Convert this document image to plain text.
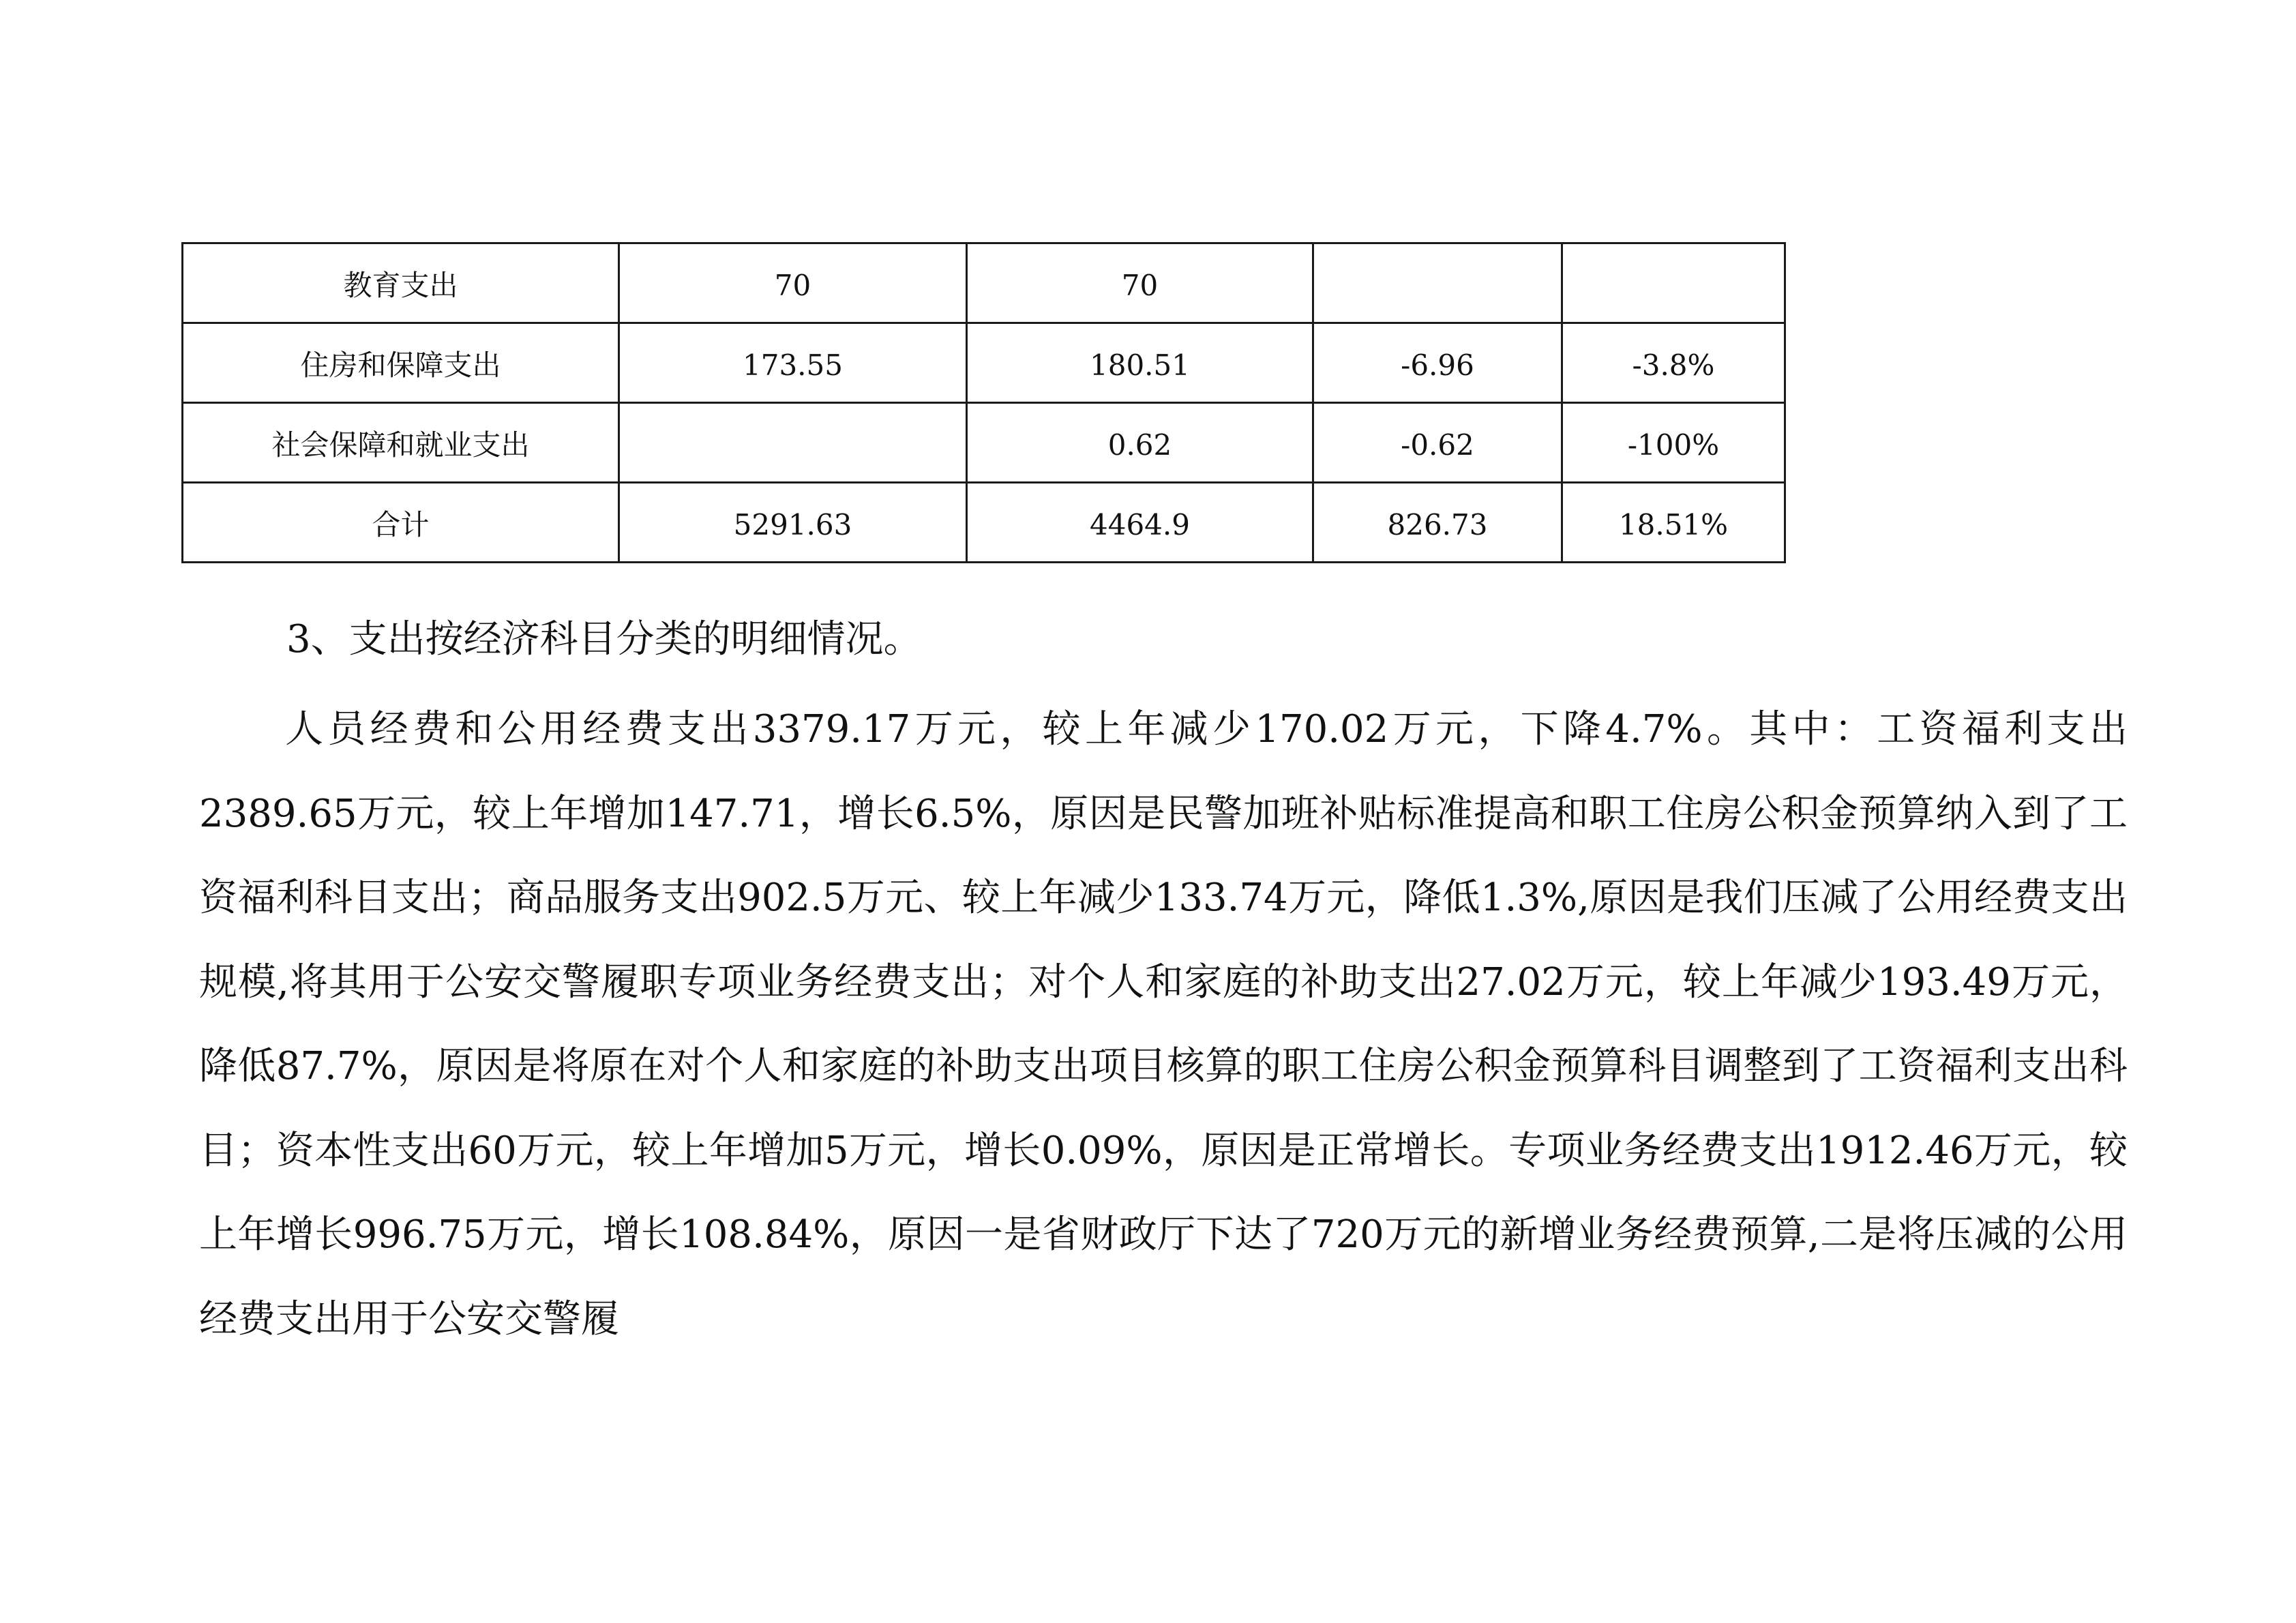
教育支出	70	70		
住房和保障支出	173.55	180.51	-6.96	-3.8%
社会保障和就业支出		0.62	-0.62	-100%
合计	5291.63	4464.9	826.73	18.51%
3、支出按经济科目分类的明细情况。

人员经费和公用经费支出3379.17万元，较上年减少170.02万元，下降4.7%。其中：工资福利支出2389.65万元，较上年增加147.71，增长6.5%，原因是民警加班补贴标准提高和职工住房公积金预算纳入到了工资福利科目支出；商品服务支出902.5万元、较上年减少133.74万元，降低1.3%,原因是我们压减了公用经费支出规模,将其用于公安交警履职专项业务经费支出；对个人和家庭的补助支出27.02万元，较上年减少193.49万元，降低87.7%，原因是将原在对个人和家庭的补助支出项目核算的职工住房公积金预算科目调整到了工资福利支出科目；资本性支出60万元，较上年增加5万元，增长0.09%，原因是正常增长。专项业务经费支出1912.46万元，较上年增长996.75万元，增长108.84%，原因一是省财政厅下达了720万元的新增业务经费预算,二是将压减的公用经费支出用于公安交警履
